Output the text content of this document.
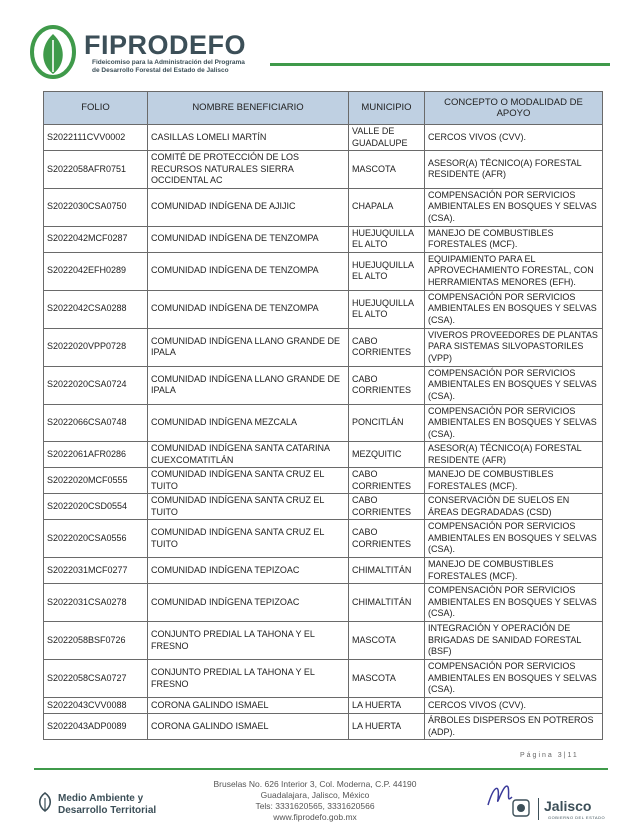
FIPRODEFO
Fideicomiso para la Administración del Programa
de Desarrollo Forestal del Estado de Jalisco
FOLIO	NOMBRE BENEFICIARIO	MUNICIPIO	CONCEPTO O MODALIDAD DE APOYO
S2022111CVV0002	CASILLAS LOMELI MARTÍN	VALLE DE GUADALUPE	CERCOS VIVOS (CVV).
S2022058AFR0751	COMITÉ DE PROTECCIÓN DE LOS RECURSOS NATURALES SIERRA OCCIDENTAL AC	MASCOTA	ASESOR(A) TÉCNICO(A) FORESTAL RESIDENTE (AFR)
S2022030CSA0750	COMUNIDAD INDÍGENA DE AJIJIC	CHAPALA	COMPENSACIÓN POR SERVICIOS AMBIENTALES EN BOSQUES Y SELVAS (CSA).
S2022042MCF0287	COMUNIDAD INDÍGENA DE TENZOMPA	HUEJUQUILLA EL ALTO	MANEJO DE COMBUSTIBLES FORESTALES (MCF).
S2022042EFH0289	COMUNIDAD INDÍGENA DE TENZOMPA	HUEJUQUILLA EL ALTO	EQUIPAMIENTO PARA EL APROVECHAMIENTO FORESTAL, CON HERRAMIENTAS MENORES (EFH).
S2022042CSA0288	COMUNIDAD INDÍGENA DE TENZOMPA	HUEJUQUILLA EL ALTO	COMPENSACIÓN POR SERVICIOS AMBIENTALES EN BOSQUES Y SELVAS (CSA).
S2022020VPP0728	COMUNIDAD INDÍGENA LLANO GRANDE DE IPALA	CABO CORRIENTES	VIVEROS PROVEEDORES DE PLANTAS PARA SISTEMAS SILVOPASTORILES (VPP)
S2022020CSA0724	COMUNIDAD INDÍGENA LLANO GRANDE DE IPALA	CABO CORRIENTES	COMPENSACIÓN POR SERVICIOS AMBIENTALES EN BOSQUES Y SELVAS (CSA).
S2022066CSA0748	COMUNIDAD INDÍGENA MEZCALA	PONCITLÁN	COMPENSACIÓN POR SERVICIOS AMBIENTALES EN BOSQUES Y SELVAS (CSA).
S2022061AFR0286	COMUNIDAD INDÍGENA SANTA CATARINA CUEXCOMATITLÁN	MEZQUITIC	ASESOR(A) TÉCNICO(A) FORESTAL RESIDENTE (AFR)
S2022020MCF0555	COMUNIDAD INDÍGENA SANTA CRUZ EL TUITO	CABO CORRIENTES	MANEJO DE COMBUSTIBLES FORESTALES (MCF).
S2022020CSD0554	COMUNIDAD INDÍGENA SANTA CRUZ EL TUITO	CABO CORRIENTES	CONSERVACIÓN DE SUELOS EN ÁREAS DEGRADADAS (CSD)
S2022020CSA0556	COMUNIDAD INDÍGENA SANTA CRUZ EL TUITO	CABO CORRIENTES	COMPENSACIÓN POR SERVICIOS AMBIENTALES EN BOSQUES Y SELVAS (CSA).
S2022031MCF0277	COMUNIDAD INDÍGENA TEPIZOAC	CHIMALTITÁN	MANEJO DE COMBUSTIBLES FORESTALES (MCF).
S2022031CSA0278	COMUNIDAD INDÍGENA TEPIZOAC	CHIMALTITÁN	COMPENSACIÓN POR SERVICIOS AMBIENTALES EN BOSQUES Y SELVAS (CSA).
S2022058BSF0726	CONJUNTO PREDIAL LA TAHONA Y EL FRESNO	MASCOTA	INTEGRACIÓN Y OPERACIÓN DE BRIGADAS DE SANIDAD FORESTAL (BSF)
S2022058CSA0727	CONJUNTO PREDIAL LA TAHONA Y EL FRESNO	MASCOTA	COMPENSACIÓN POR SERVICIOS AMBIENTALES EN BOSQUES Y SELVAS (CSA).
S2022043CVV0088	CORONA GALINDO ISMAEL	LA HUERTA	CERCOS VIVOS (CVV).
S2022043ADP0089	CORONA GALINDO ISMAEL	LA HUERTA	ÁRBOLES DISPERSOS EN POTREROS (ADP).
Página 3|11
Medio Ambiente y
Desarrollo Territorial
Bruselas No. 626 Interior 3, Col. Moderna, C.P. 44190
Guadalajara, Jalisco, México
Tels: 3331620565, 3331620566
www.fiprodefo.gob.mx
Jalisco
GOBIERNO DEL ESTADO
